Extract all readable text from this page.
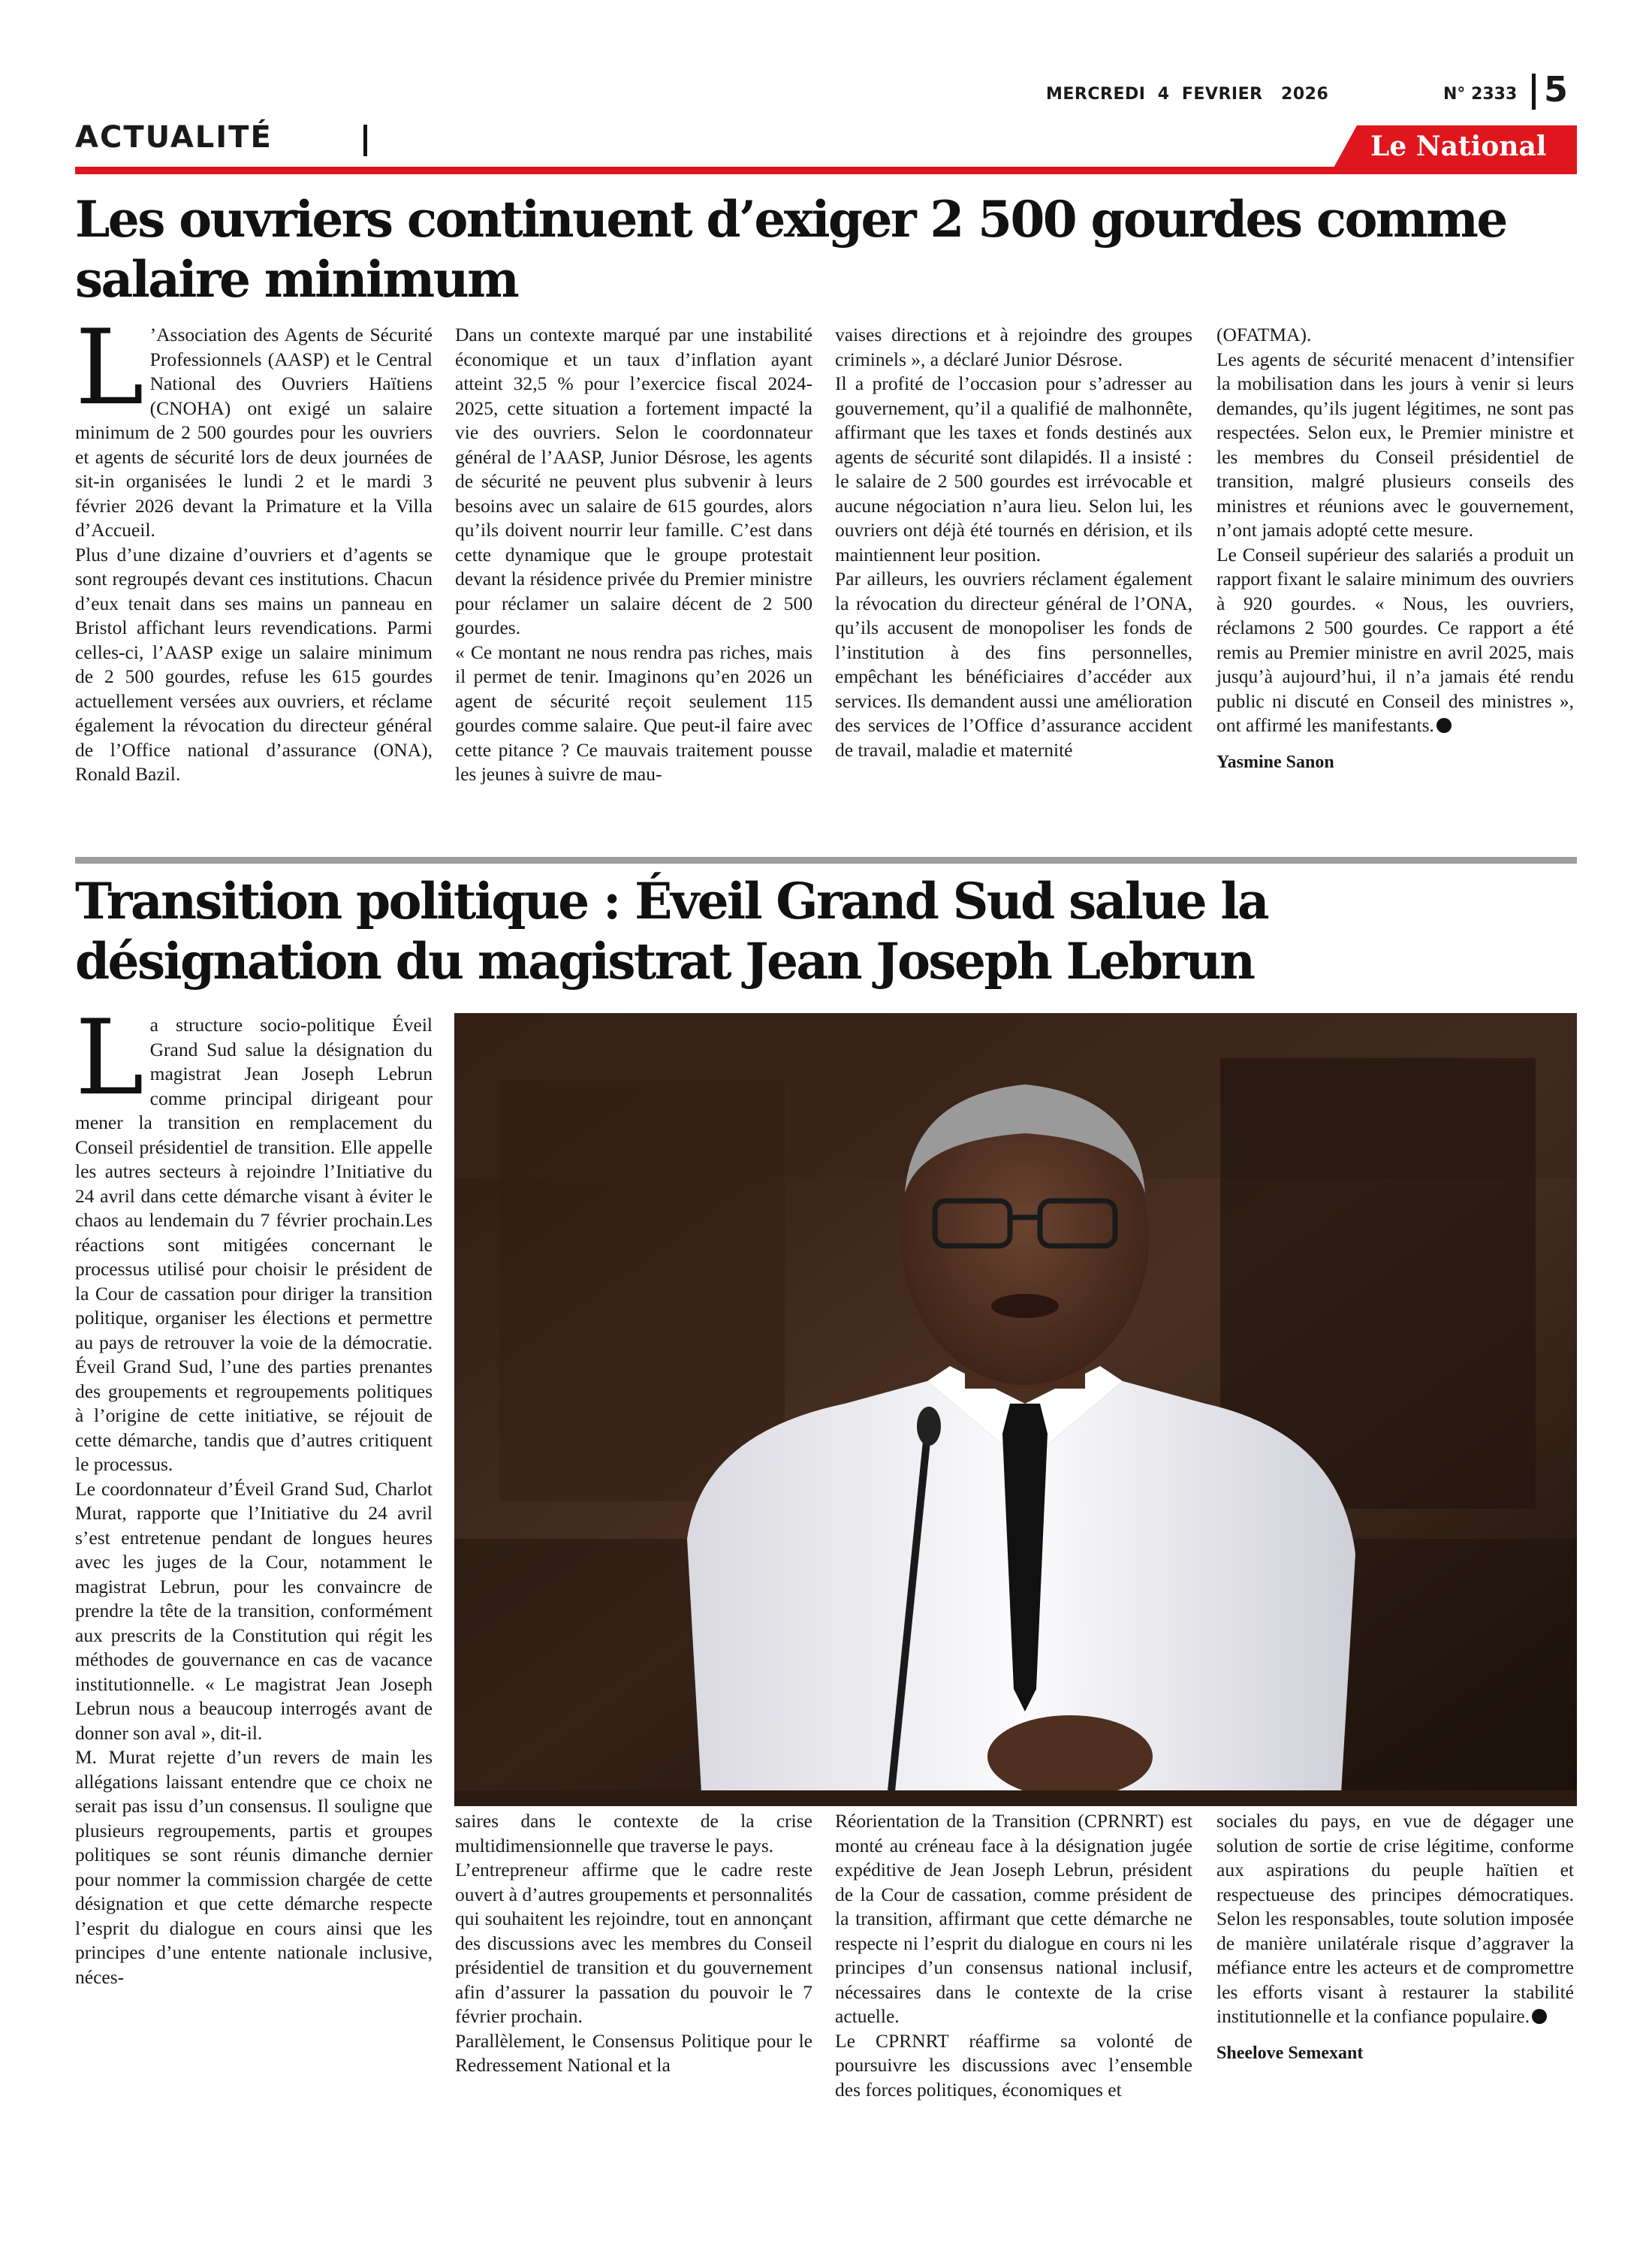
MERCREDI  4  FEVRIER   2026	N° 2333 5
ACTUALITÉ	Le National
Les ouvriers continuent d’exiger 2 500 gourdes comme salaire minimum

L ’Association des Agents de Sécurité Professionnels (AASP) et le Central National des Ouvriers Haïtiens (CNOHA) ont exigé un salaire minimum de 2 500 gourdes pour les ouvriers et agents de sécurité lors de deux journées de sit-in organisées le lundi 2 et le mardi 3 février 2026 devant la Primature et la Villa d’Accueil.

Plus d’une dizaine d’ouvriers et d’agents se sont regroupés devant ces institutions. Chacun d’eux tenait dans ses mains un panneau en Bristol affichant leurs revendications. Parmi celles-ci, l’AASP exige un salaire minimum de 2 500 gourdes, refuse les 615 gourdes actuellement versées aux ouvriers, et réclame également la révocation du directeur général de l’Office national d’assurance (ONA), Ronald Bazil.

Dans un contexte marqué par une instabilité économique et un taux d’inflation ayant atteint 32,5 % pour l’exercice fiscal 2024-2025, cette situation a fortement impacté la vie des ouvriers. Selon le coordonnateur général de l’AASP, Junior Désrose, les agents de sécurité ne peuvent plus subvenir à leurs besoins avec un salaire de 615 gourdes, alors qu’ils doivent nourrir leur famille. C’est dans cette dynamique que le groupe protestait devant la résidence privée du Premier ministre pour réclamer un salaire décent de 2 500 gourdes.

« Ce montant ne nous rendra pas riches, mais il permet de tenir. Imaginons qu’en 2026 un agent de sécurité reçoit seulement 115 gourdes comme salaire. Que peut-il faire avec cette pitance ? Ce mauvais traitement pousse les jeunes à suivre de mau-

vaises directions et à rejoindre des groupes criminels », a déclaré Junior Désrose.

Il a profité de l’occasion pour s’adresser au gouvernement, qu’il a qualifié de malhonnête, affirmant que les taxes et fonds destinés aux agents de sécurité sont dilapidés. Il a insisté : le salaire de 2 500 gourdes est irrévocable et aucune négociation n’aura lieu. Selon lui, les ouvriers ont déjà été tournés en dérision, et ils maintiennent leur position.

Par ailleurs, les ouvriers réclament également la révocation du directeur général de l’ONA, qu’ils accusent de monopoliser les fonds de l’institution à des fins personnelles, empêchant les bénéficiaires d’accéder aux services. Ils demandent aussi une amélioration des services de l’Office d’assurance accident de travail, maladie et maternité

(OFATMA).

Les agents de sécurité menacent d’intensifier la mobilisation dans les jours à venir si leurs demandes, qu’ils jugent légitimes, ne sont pas respectées. Selon eux, le Premier ministre et les membres du Conseil présidentiel de transition, malgré plusieurs conseils des ministres et réunions avec le gouvernement, n’ont jamais adopté cette mesure.

Le Conseil supérieur des salariés a produit un rapport fixant le salaire minimum des ouvriers à 920 gourdes. « Nous, les ouvriers, réclamons 2 500 gourdes. Ce rapport a été remis au Premier ministre en avril 2025, mais jusqu’à aujourd’hui, il n’a jamais été rendu public ni discuté en Conseil des ministres », ont affirmé les manifestants.

Yasmine Sanon
Transition politique : Éveil Grand Sud salue la désignation du magistrat Jean Joseph Lebrun

La structure socio-politique Éveil Grand Sud salue la désignation du magistrat Jean Joseph Lebrun comme principal dirigeant pour mener la transition en remplacement du Conseil présidentiel de transition. Elle appelle les autres secteurs à rejoindre l’Initiative du 24 avril dans cette démarche visant à éviter le chaos au lendemain du 7 février prochain.Les réactions sont mitigées concernant le processus utilisé pour choisir le président de la Cour de cassation pour diriger la transition politique, organiser les élections et permettre au pays de retrouver la voie de la démocratie. Éveil Grand Sud, l’une des parties prenantes des groupements et regroupements politiques à l’origine de cette initiative, se réjouit de cette démarche, tandis que d’autres critiquent le processus.

Le coordonnateur d’Éveil Grand Sud, Charlot Murat, rapporte que l’Initiative du 24 avril s’est entretenue pendant de longues heures avec les juges de la Cour, notamment le magistrat Lebrun, pour les convaincre de prendre la tête de la transition, conformément aux prescrits de la Constitution qui régit les méthodes de gouvernance en cas de vacance institutionnelle. « Le magistrat Jean Joseph Lebrun nous a beaucoup interrogés avant de donner son aval », dit-il.

M. Murat rejette d’un revers de main les allégations laissant entendre que ce choix ne serait pas issu d’un consensus. Il souligne que plusieurs regroupements, partis et groupes politiques se sont réunis dimanche dernier pour nommer la commission chargée de cette désignation et que cette démarche respecte l’esprit du dialogue en cours ainsi que les principes d’une entente nationale inclusive, néces-

saires dans le contexte de la crise multidimensionnelle que traverse le pays.

L’entrepreneur affirme que le cadre reste ouvert à d’autres groupements et personnalités qui souhaitent les rejoindre, tout en annonçant des discussions avec les membres du Conseil présidentiel de transition et du gouvernement afin d’assurer la passation du pouvoir le 7 février prochain.

Parallèlement, le Consensus Politique pour le Redressement National et la

Réorientation de la Transition (CPRNRT) est monté au créneau face à la désignation jugée expéditive de Jean Joseph Lebrun, président de la Cour de cassation, comme président de la transition, affirmant que cette démarche ne respecte ni l’esprit du dialogue en cours ni les principes d’un consensus national inclusif, nécessaires dans le contexte de la crise actuelle.

Le CPRNRT réaffirme sa volonté de poursuivre les discussions avec l’ensemble des forces politiques, économiques et

sociales du pays, en vue de dégager une solution de sortie de crise légitime, conforme aux aspirations du peuple haïtien et respectueuse des principes démocratiques. Selon les responsables, toute solution imposée de manière unilatérale risque d’aggraver la méfiance entre les acteurs et de compromettre les efforts visant à restaurer la stabilité institutionnelle et la confiance populaire.

Sheelove Semexant
